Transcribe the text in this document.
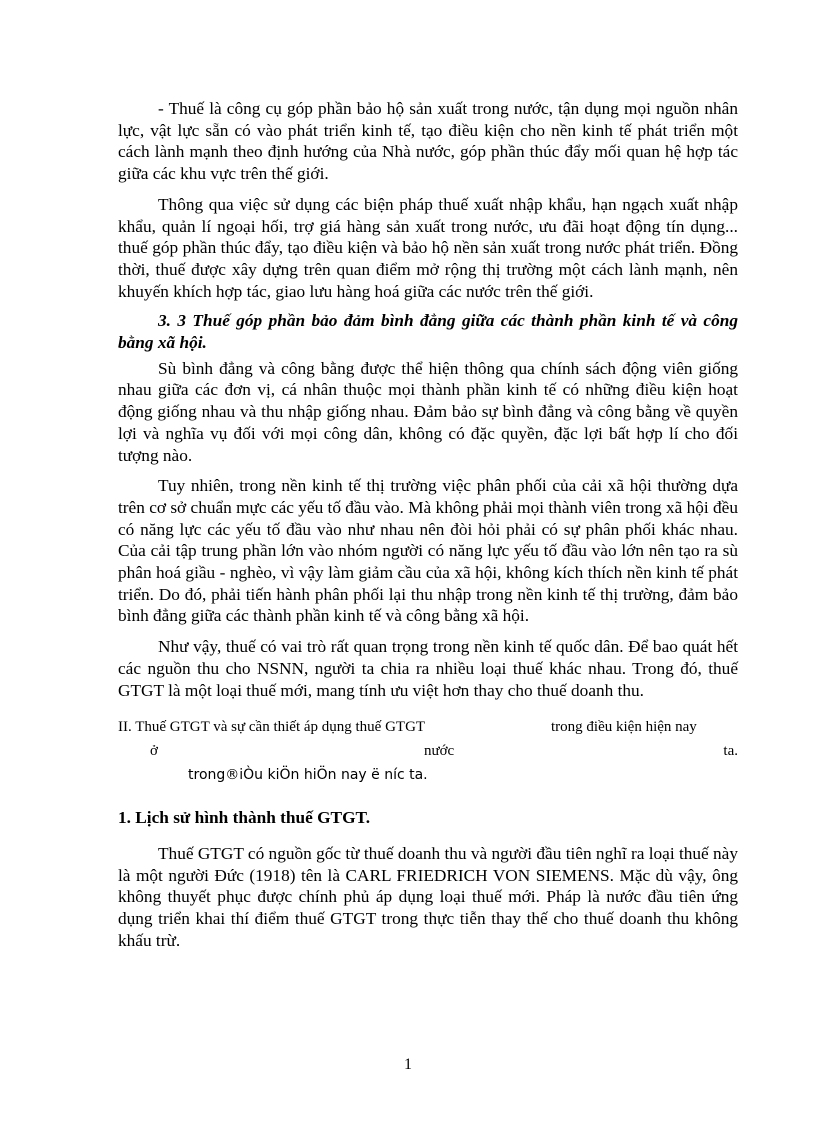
- Thuế là công cụ góp phần bảo hộ sản xuất trong nước, tận dụng mọi nguồn nhân lực, vật lực sẵn có vào phát triển kinh tế, tạo điều kiện cho nền kinh tế phát triển một cách lành mạnh theo định hướng của Nhà nước, góp phần thúc đẩy mối quan hệ hợp tác giữa các khu vực trên thế giới.

Thông qua việc sử dụng các biện pháp thuế xuất nhập khẩu, hạn ngạch xuất nhập khẩu, quản lí ngoại hối, trợ giá hàng sản xuất trong nước, ưu đãi hoạt động tín dụng... thuế góp phần thúc đẩy, tạo điều kiện và bảo hộ nền sản xuất trong nước phát triển. Đồng thời, thuế được xây dựng trên quan điểm mở rộng thị trường một cách lành mạnh, nên khuyến khích hợp tác, giao lưu hàng hoá giữa các nước trên thế giới.

3. 3 Thuế góp phần bảo đảm bình đẳng giữa các thành phần kinh tế và công bằng xã hội.

Sù bình đẳng và công bằng được thể hiện thông qua chính sách động viên giống nhau giữa các đơn vị, cá nhân thuộc mọi thành phần kinh tế có những điều kiện hoạt động giống nhau và thu nhập giống nhau. Đảm bảo sự bình đẳng và công bằng về quyền lợi và nghĩa vụ đối với mọi công dân, không có đặc quyền, đặc lợi bất hợp lí cho đối tượng nào.

Tuy nhiên, trong nền kinh tế thị trường việc phân phối của cải xã hội thường dựa trên cơ sở chuẩn mực các yếu tố đầu vào. Mà không phải mọi thành viên trong xã hội đều có năng lực các yếu tố đầu vào như nhau nên đòi hỏi phải có sự phân phối khác nhau. Của cải tập trung phần lớn vào nhóm người có năng lực yếu tố đầu vào lớn nên tạo ra sù phân hoá giầu - nghèo, vì vậy làm giảm cầu của xã hội, không kích thích nền kinh tế phát triển. Do đó, phải tiến hành phân phối lại thu nhập trong nền kinh tế thị trường, đảm bảo bình đẳng giữa các thành phần kinh tế và công bằng xã hội.

Như vậy, thuế có vai trò rất quan trọng trong nền kinh tế quốc dân. Để bao quát hết các nguồn thu cho NSNN, người ta chia ra nhiều loại thuế khác nhau. Trong đó, thuế GTGT là một loại thuế mới, mang tính ưu việt hơn thay cho thuế doanh thu.

II. Thuế GTGT và sự cần thiết áp dụng thuế GTGT	trong điều kiện hiện nay
ở	nước	ta.
trong®iÒu kiÖn hiÖn nay ë níc ta.

1. Lịch sử hình thành thuế GTGT.

Thuế GTGT có nguồn gốc từ thuế doanh thu và người đầu tiên nghĩ ra loại thuế này là một người Đức (1918) tên là CARL FRIEDRICH VON SIEMENS. Mặc dù vậy, ông không thuyết phục được chính phủ áp dụng loại thuế mới. Pháp là nước đầu tiên ứng dụng triển khai thí điểm thuế GTGT trong thực tiễn thay thế cho thuế doanh thu không khấu trừ.

1
